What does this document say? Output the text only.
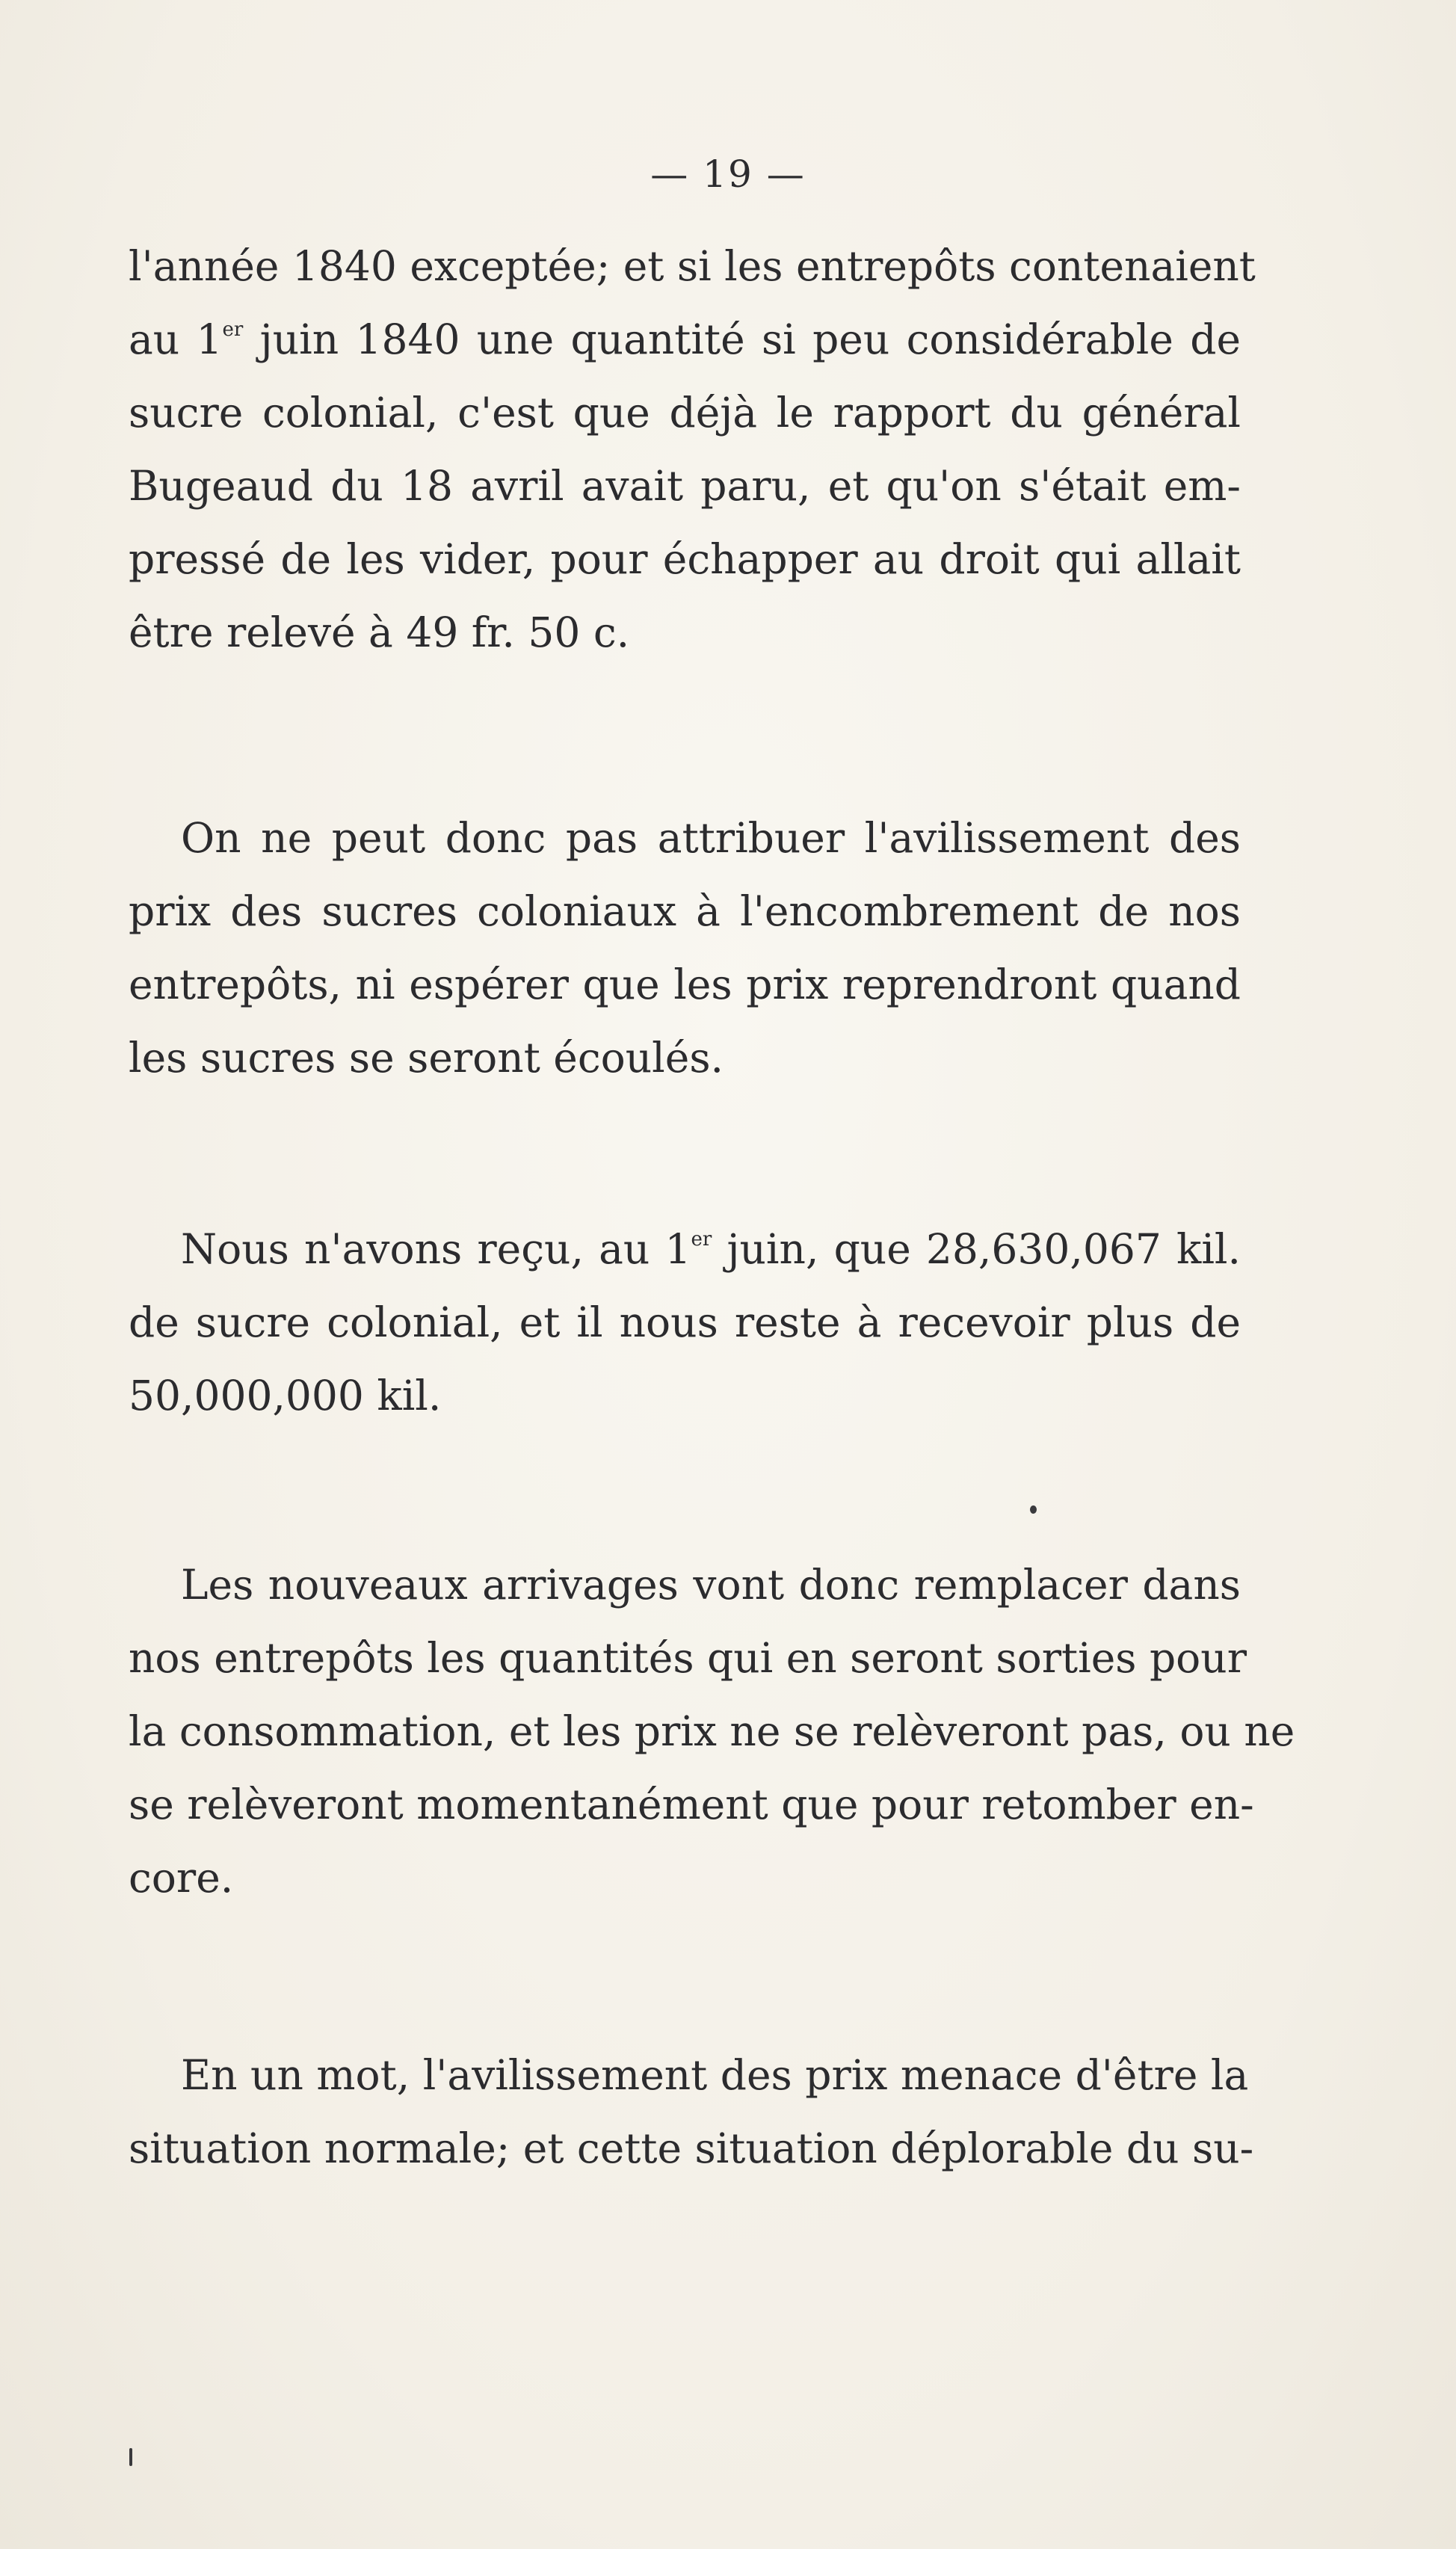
— 19 —
l'année 1840 exceptée; et si les entrepôts contenaient
au 1er juin 1840 une quantité si peu considérable de
sucre colonial, c'est que déjà le rapport du général
Bugeaud du 18 avril avait paru, et qu'on s'était em-
pressé de les vider, pour échapper au droit qui allait
être relevé à 49 fr. 50 c.
On ne peut donc pas attribuer l'avilissement des
prix des sucres coloniaux à l'encombrement de nos
entrepôts, ni espérer que les prix reprendront quand
les sucres se seront écoulés.
Nous n'avons reçu, au 1er juin, que 28,630,067 kil.
de sucre colonial, et il nous reste à recevoir plus de
50,000,000 kil.
Les nouveaux arrivages vont donc remplacer dans
nos entrepôts les quantités qui en seront sorties pour
la consommation, et les prix ne se relèveront pas, ou ne
se relèveront momentanément que pour retomber en-
core.
En un mot, l'avilissement des prix menace d'être la
situation normale; et cette situation déplorable du su-
